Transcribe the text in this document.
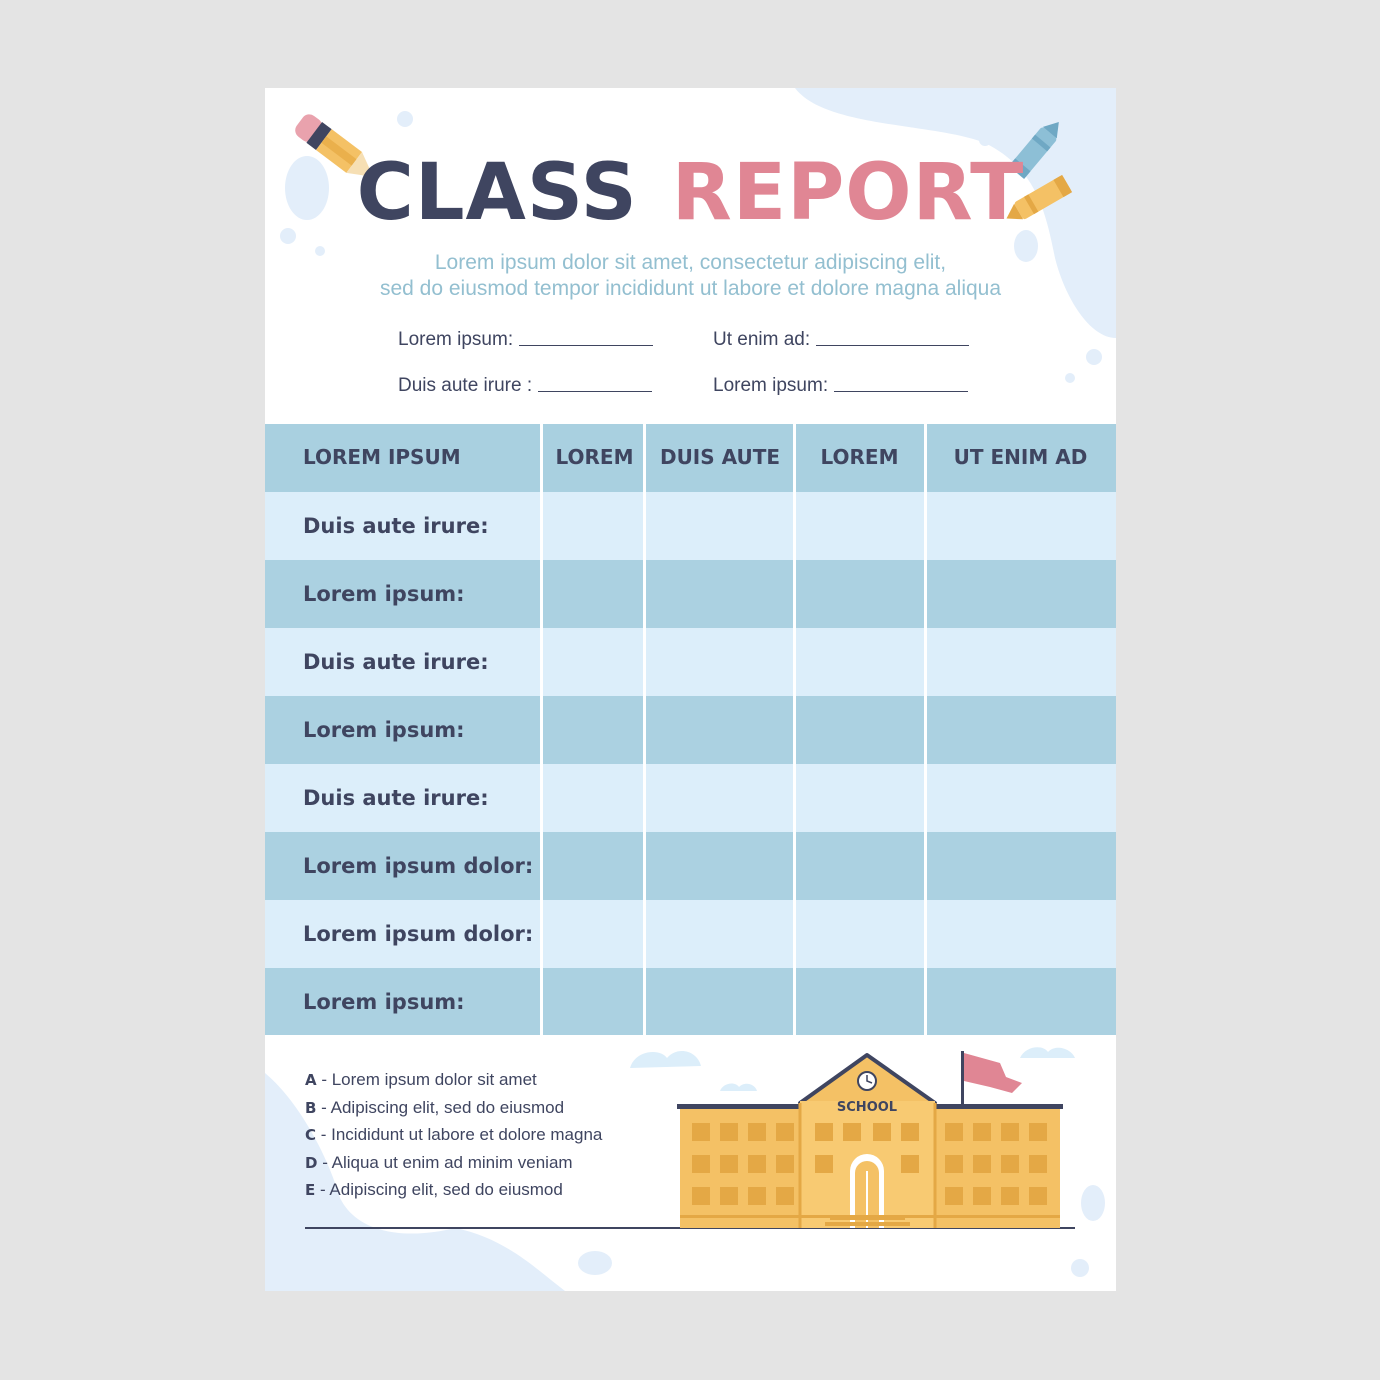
CLASS REPORT
Lorem ipsum dolor sit amet, consectetur adipiscing elit,
sed do eiusmod tempor incididunt ut labore et dolore magna aliqua
Lorem ipsum:	Ut enim ad:
Duis aute irure :	Lorem ipsum:
LOREM IPSUM	LOREM	DUIS AUTE	LOREM	UT ENIM AD
Duis aute irure:
Lorem ipsum:
Duis aute irure:
Lorem ipsum:
Duis aute irure:
Lorem ipsum dolor:
Lorem ipsum dolor:
Lorem ipsum:
A - Lorem ipsum dolor sit amet
B - Adipiscing elit, sed do eiusmod
C - Incididunt ut labore et dolore magna
D - Aliqua ut enim ad minim veniam
E - Adipiscing elit, sed do eiusmod
SCHOOL
